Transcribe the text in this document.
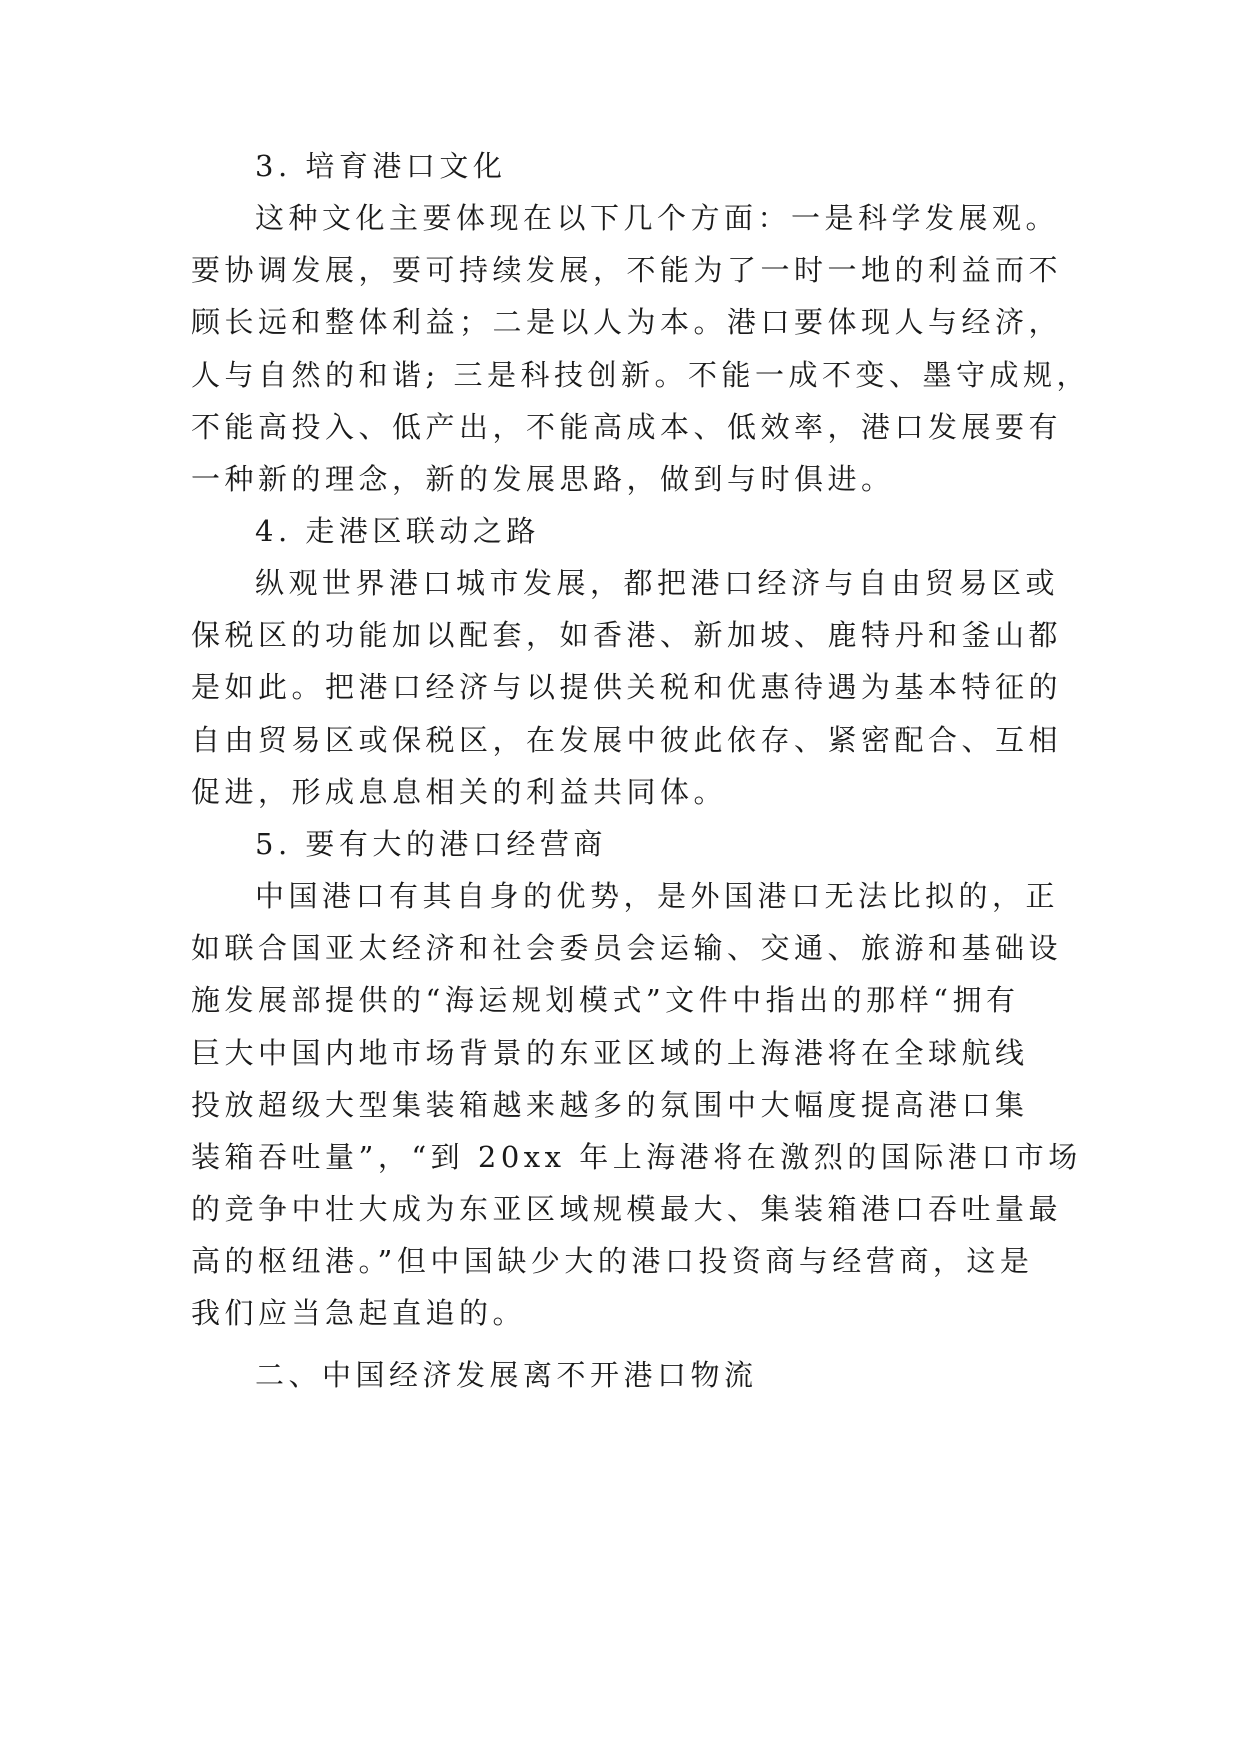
3. 培育港口文化

这种文化主要体现在以下几个方面：一是科学发展观。

要协调发展，要可持续发展，不能为了一时一地的利益而不

顾长远和整体利益；二是以人为本。港口要体现人与经济，

人与自然的和谐; 三是科技创新。不能一成不变、墨守成规，

不能高投入、低产出，不能高成本、低效率，港口发展要有

一种新的理念，新的发展思路，做到与时俱进。

4. 走港区联动之路

纵观世界港口城市发展，都把港口经济与自由贸易区或

保税区的功能加以配套，如香港、新加坡、鹿特丹和釜山都

是如此。把港口经济与以提供关税和优惠待遇为基本特征的

自由贸易区或保税区，在发展中彼此依存、紧密配合、互相

促进，形成息息相关的利益共同体。

5. 要有大的港口经营商

中国港口有其自身的优势，是外国港口无法比拟的，正

如联合国亚太经济和社会委员会运输、交通、旅游和基础设

施发展部提供的“海运规划模式”文件中指出的那样“拥有

巨大中国内地市场背景的东亚区域的上海港将在全球航线

投放超级大型集装箱越来越多的氛围中大幅度提高港口集

装箱吞吐量”，“到 20xx 年上海港将在激烈的国际港口市场

的竞争中壮大成为东亚区域规模最大、集装箱港口吞吐量最

高的枢纽港。”但中国缺少大的港口投资商与经营商，这是

我们应当急起直追的。

二、中国经济发展离不开港口物流
